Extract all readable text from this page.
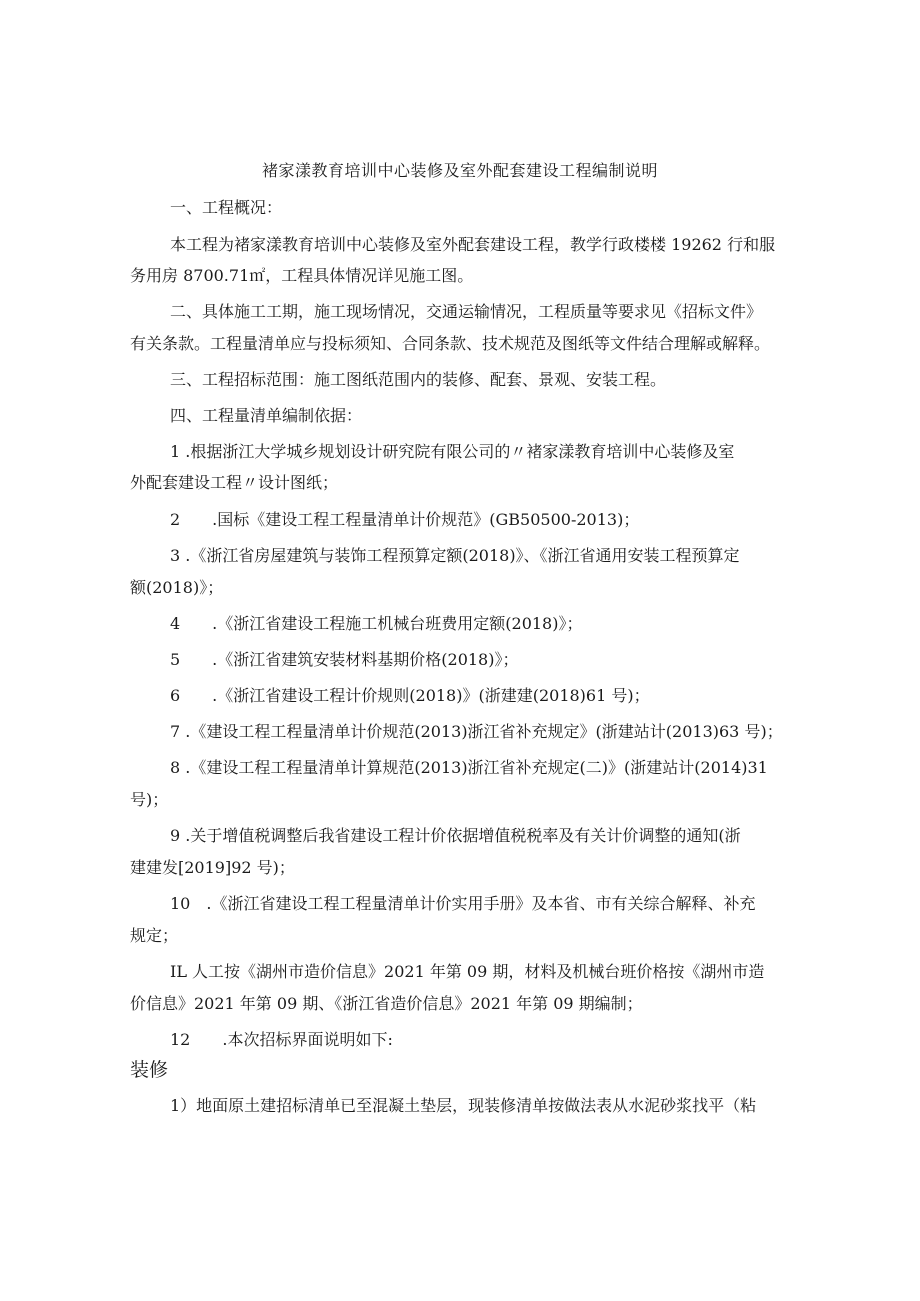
褚家漾教育培训中心装修及室外配套建设工程编制说明
一、工程概况：
本工程为褚家漾教育培训中心装修及室外配套建设工程，教学行政楼楼 19262 行和服
务用房 8700.71㎡，工程具体情况详见施工图。
二、具体施工工期，施工现场情况，交通运输情况，工程质量等要求见《招标文件》
有关条款。工程量清单应与投标须知、合同条款、技术规范及图纸等文件结合理解或解释。
三、工程招标范围：施工图纸范围内的装修、配套、景观、安装工程。
四、工程量清单编制依据：
1 .根据浙江大学城乡规划设计研究院有限公司的〃褚家漾教育培训中心装修及室
外配套建设工程〃设计图纸；
2　　.国标《建设工程工程量清单计价规范》(GB50500-2013)；
3 .《浙江省房屋建筑与装饰工程预算定额(2018)》、《浙江省通用安装工程预算定
额(2018)》；
4　　.《浙江省建设工程施工机械台班费用定额(2018)》；
5　　.《浙江省建筑安装材料基期价格(2018)》；
6　　.《浙江省建设工程计价规则(2018)》(浙建建(2018)61 号)；
7 .《建设工程工程量清单计价规范(2013)浙江省补充规定》(浙建站计(2013)63 号)；
8 .《建设工程工程量清单计算规范(2013)浙江省补充规定(二)》(浙建站计(2014)31
号)；
9 .关于增值税调整后我省建设工程计价依据增值税税率及有关计价调整的通知(浙
建建发[2019]92 号)；
10　.《浙江省建设工程工程量清单计价实用手册》及本省、市有关综合解释、补充
规定；
IL 人工按《湖州市造价信息》2021 年第 09 期，材料及机械台班价格按《湖州市造
价信息》2021 年第 09 期、《浙江省造价信息》2021 年第 09 期编制；
12　　.本次招标界面说明如下:
装修
1）地面原土建招标清单已至混凝土垫层，现装修清单按做法表从水泥砂浆找平（粘
